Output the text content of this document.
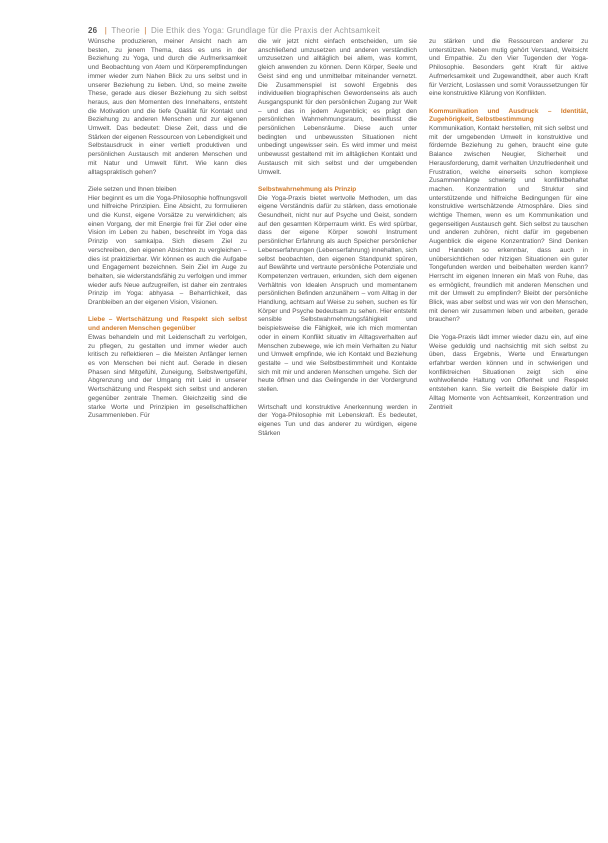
26 | Theorie | Die Ethik des Yoga: Grundlage für die Praxis der Achtsamkeit

Wünsche produzieren, meiner Ansicht nach am besten, zu jenem Thema, dass es uns in der Beziehung zu Yoga, und durch die Aufmerksamkeit und Beobachtung von Atem und Körperempfindungen immer wieder zum Nahen Blick zu uns selbst und in unserer Beziehung zu lieben. Und, so meine zweite These, gerade aus dieser Beziehung zu sich selbst heraus, aus den Momenten des Innehaltens, entsteht die Motivation und die tiefe Qualität für Kontakt und Beziehung zu anderen Menschen und zur eigenen Umwelt. Das bedeutet: Diese Zeit, dass und die Stärken der eigenen Ressourcen von Lebendigkeit und Selbstausdruck in einer vertieft produktiven und persönlichen Austausch mit anderen Menschen und mit Natur und Umwelt führt. Wie kann dies alltagspraktisch gehen?

Ziele setzen und Ihnen bleiben

Hier beginnt es um die Yoga-Philosophie hoffnungsvoll und hilfreiche Prinzipien. Eine Absicht, zu formulieren und die Kunst, eigene Vorsätze zu verwirklichen; als einen Vorgang, der mit Energie frei für Ziel oder eine Vision im Leben zu haben, beschreibt im Yoga das Prinzip von samkalpa. Sich diesem Ziel zu verschreiben, den eigenen Absichten zu vergleichen – dies ist praktizierbar. Wir können es auch die Aufgabe und Engagement bezeichnen. Sein Ziel im Auge zu behalten, sie widerstandsfähig zu verfolgen und immer wieder aufs Neue aufzugreifen, ist daher ein zentrales Prinzip im Yoga: abhyasa – Beharrlichkeit, das Dranbleiben an der eigenen Vision, Visionen.

Liebe – Wertschätzung und Respekt sich selbst und anderen Menschen gegenüber

Etwas behandeln und mit Leidenschaft zu verfolgen, zu pflegen, zu gestalten und immer wieder auch kritisch zu reflektieren – die Meisten Anfänger lernen es von Menschen bei nicht auf. Gerade in diesen Phasen sind Mitgefühl, Zuneigung, Selbstwertgefühl, Abgrenzung und der Umgang mit Leid in unserer Wertschätzung und Respekt sich selbst und anderen gegenüber zentrale Themen. Gleichzeitig sind die starke Worte und Prinzipien im gesellschaftlichen Zusammenleben. Für

die wir jetzt nicht einfach entscheiden, um sie anschließend umzusetzen und anderen verständlich umzusetzen und alltäglich bei allem, was kommt, gleich anwenden zu können. Denn Körper, Seele und Geist sind eng und unmittelbar miteinander vernetzt. Die Zusammenspiel ist sowohl Ergebnis des individuellen biographischen Gewordenseins als auch Ausgangspunkt für den persönlichen Zugang zur Welt – und das in jedem Augenblick; es prägt den persönlichen Wahrnehmungsraum, beeinflusst die persönlichen Lebensräume. Diese auch unter bedingten und unbewussten Situationen nicht unbedingt ungewisser sein. Es wird immer und meist unbewusst gestaltend mit im alltäglichen Kontakt und Austausch mit sich selbst und der umgebenden Umwelt.

Selbstwahrnehmung als Prinzip

Die Yoga-Praxis bietet wertvolle Methoden, um das eigene Verständnis dafür zu stärken, dass emotionale Gesundheit, nicht nur auf Psyche und Geist, sondern auf den gesamten Körperraum wirkt. Es wird spürbar, dass der eigene Körper sowohl Instrument persönlicher Erfahrung als auch Speicher persönlicher Lebenserfahrungen (Lebenserfahrung) innehalten, sich selbst beobachten, den eigenen Standpunkt spüren, auf Bewährte und vertraute persönliche Potenziale und Kompetenzen vertrauen, erkunden, sich dem eigenen Verhältnis von Idealen Anspruch und momentanem persönlichen Befinden anzunähern – vom Alltag in der Handlung, achtsam auf Weise zu sehen, suchen es für Körper und Psyche bedeutsam zu sehen. Hier entsteht sensible Selbstwahrnehmungsfähigkeit und beispielsweise die Fähigkeit, wie ich mich momentan oder in einem Konflikt situativ im Alltagsverhalten auf Menschen zubewege, wie ich mein Verhalten zu Natur und Umwelt empfinde, wie ich Kontakt und Beziehung gestalte – und wie Selbstbestimmheit und Kontakte sich mit mir und anderen Menschen umgehe. Sich der heute öffnen und das Gelingende in der Vordergrund stellen.

Wirtschaft und konstruktive Anerkennung werden in der Yoga-Philosophie mit Lebenskraft. Es bedeutet, eigenes Tun und das anderer zu würdigen, eigene Stärken

zu stärken und die Ressourcen anderer zu unterstützen. Neben mutig gehört Verstand, Weitsicht und Empathie. Zu den Vier Tugenden der Yoga-Philosophie. Besonders geht Kraft für aktive Aufmerksamkeit und Zugewandtheit, aber auch Kraft für Verzicht, Loslassen und somit Voraussetzungen für eine konstruktive Klärung von Konflikten.

Kommunikation und Ausdruck – Identität, Zugehörigkeit, Selbstbestimmung

Kommunikation, Kontakt herstellen, mit sich selbst und mit der umgebenden Umwelt in konstruktive und fördernde Beziehung zu gehen, braucht eine gute Balance zwischen Neugier, Sicherheit und Herausforderung, damit verhalten Unzufriedenheit und Frustration, welche einerseits schon komplexe Zusammenhänge schwierig und konfliktbehaftet machen. Konzentration und Struktur sind unterstützende und hilfreiche Bedingungen für eine konstruktive wertschätzende Atmosphäre. Dies sind wichtige Themen, wenn es um Kommunikation und gegenseitigen Austausch geht. Sich selbst zu tauschen und anderen zuhören, nicht dafür im gegebenen Augenblick die eigene Konzentration? Sind Denken und Handeln so erkennbar, dass auch in unübersichtlichen oder hitzigen Situationen ein guter Tongefunden werden und beibehalten werden kann? Herrscht im eigenen Inneren ein Maß von Ruhe, das es ermöglicht, freundlich mit anderen Menschen und mit der Umwelt zu empfinden? Bleibt der persönliche Blick, was aber selbst und was wir von den Menschen, mit denen wir zusammen leben und arbeiten, gerade brauchen?

Die Yoga-Praxis lädt immer wieder dazu ein, auf eine Weise geduldig und nachsichtig mit sich selbst zu üben, dass Ergebnis, Werte und Erwartungen erfahrbar werden können und in schwierigen und konfliktreichen Situationen zeigt sich eine wohlwollende Haltung von Offenheit und Respekt entstehen kann. Sie verteilt die Beispiele dafür im Alltag Momente von Achtsamkeit, Konzentration und Zentrieit
